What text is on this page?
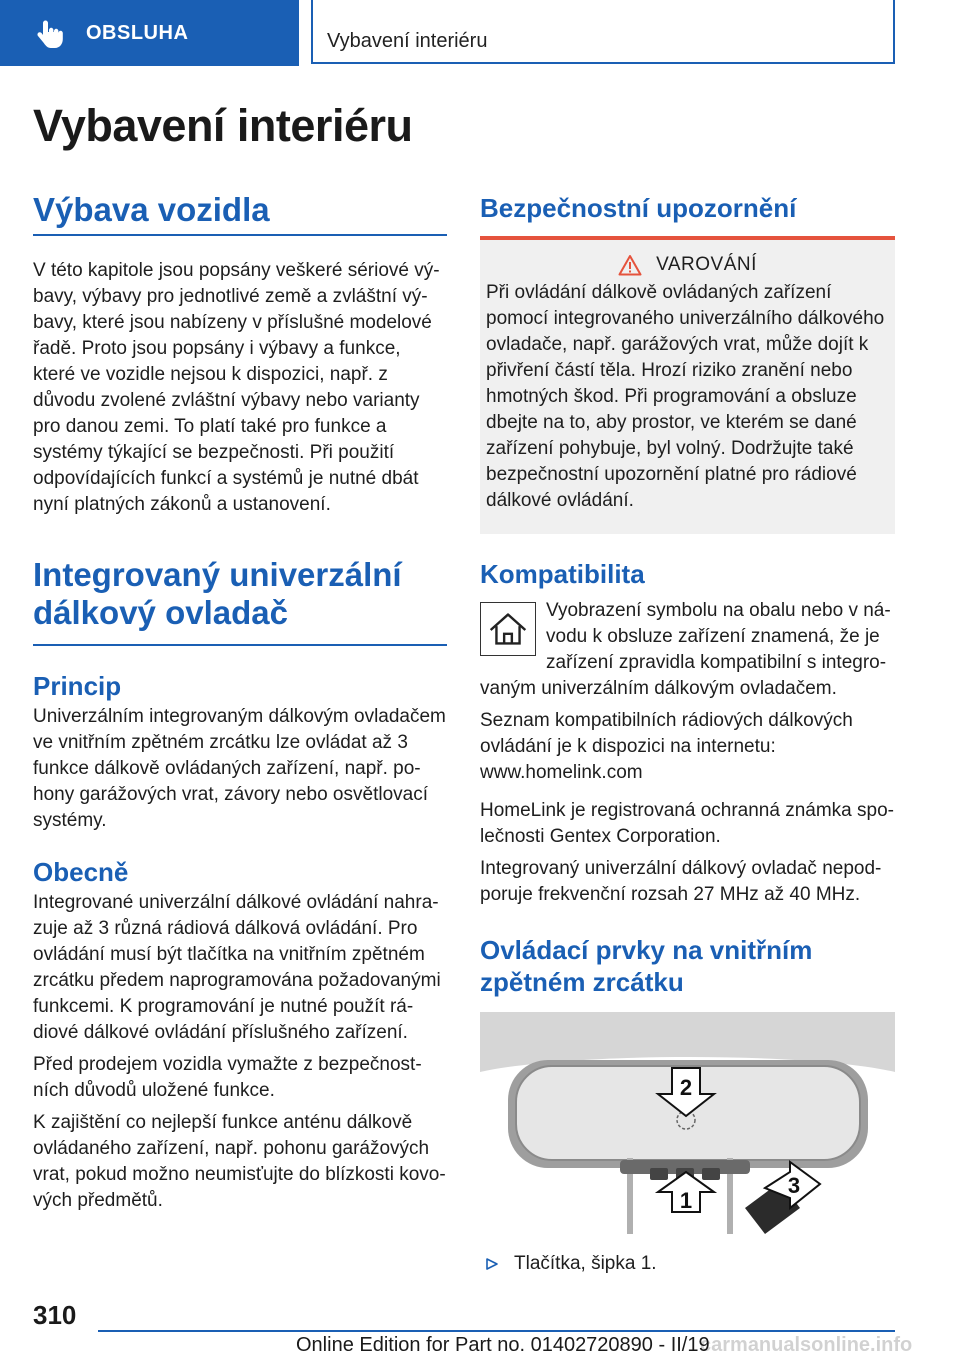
OBSLUHA	Vybavení interiéru
Vybavení interiéru
Výbava vozidla

V této kapitole jsou popsány veškeré sériové výbavy, výbavy pro jednotlivé země a zvláštní výbavy, které jsou nabízeny v příslušné modelové řadě. Proto jsou popsány i výbavy a funkce, které ve vozidle nejsou k dispozici, např. z důvodu zvolené zvláštní výbavy nebo varianty pro danou zemi. To platí také pro funkce a systémy týkající se bezpečnosti. Při použití odpovídajících funkcí a systémů je nutné dbát nyní platných zákonů a ustanovení.

Integrovaný univerzální dálkový ovladač
Princip

Univerzálním integrovaným dálkovým ovladačem ve vnitřním zpětném zrcátku lze ovládat až 3 funkce dálkově ovládaných zařízení, např. pohony garážových vrat, závory nebo osvětlovací systémy.

Obecně

Integrované univerzální dálkové ovládání nahrazuje až 3 různá rádiová dálková ovládání. Pro ovládání musí být tlačítka na vnitřním zpětném zrcátku předem naprogramována požadovanými funkcemi. K programování je nutné použít rádiové dálkové ovládání příslušného zařízení.

Před prodejem vozidla vymažte z bezpečnostních důvodů uložené funkce.

K zajištění co nejlepší funkce anténu dálkově ovládaného zařízení, např. pohonu garážových vrat, pokud možno neumisťujte do blízkosti kovových předmětů.

Bezpečnostní upozornění
VAROVÁNÍ

Při ovládání dálkově ovládaných zařízení pomocí integrovaného univerzálního dálkového ovladače, např. garážových vrat, může dojít k přivření částí těla. Hrozí riziko zranění nebo hmotných škod. Při programování a obsluze dbejte na to, aby prostor, ve kterém se dané zařízení pohybuje, byl volný. Dodržujte také bezpečnostní upozornění platné pro rádiové dálkové ovládání.

Kompatibilita

Vyobrazení symbolu na obalu nebo v návodu k obsluze zařízení znamená, že je zařízení zpravidla kompatibilní s integrovaným univerzálním dálkovým ovladačem.

Seznam kompatibilních rádiových dálkových ovládání je k dispozici na internetu:

www.homelink.com

HomeLink je registrovaná ochranná známka společnosti Gentex Corporation.

Integrovaný univerzální dálkový ovladač nepodporuje frekvenční rozsah 27 MHz až 40 MHz.

Ovládací prvky na vnitřním zpětném zrcátku
2
1
3

Tlačítka, šipka 1.

310
Online Edition for Part no. 01402720890 - II/19
carmanualsonline.info
